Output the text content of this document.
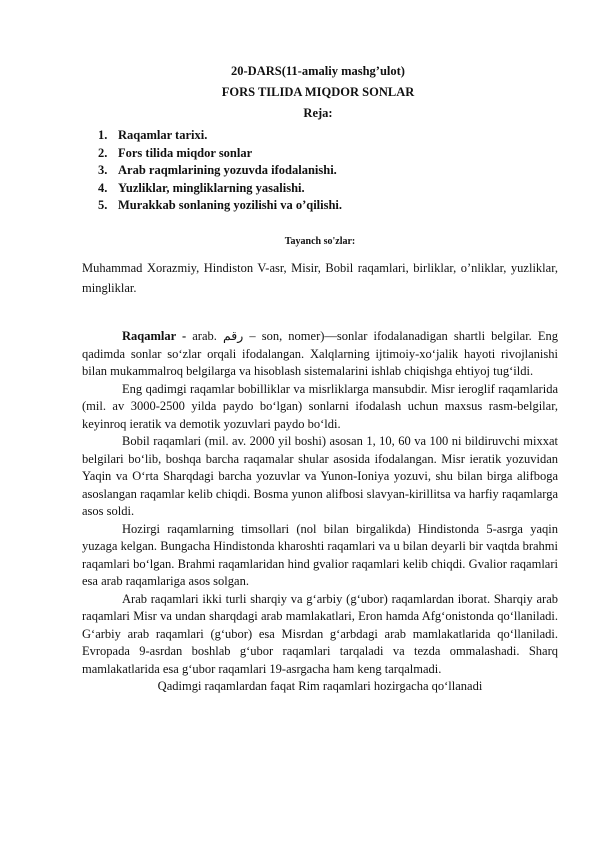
20-DARS(11-amaliy mashg’ulot)
FORS TILIDA MIQDOR SONLAR
Reja:
1. Raqamlar tarixi.
2. Fors tilida miqdor sonlar
3. Arab raqmlarining yozuvda ifodalanishi.
4. Yuzliklar, mingliklarning yasalishi.
5. Murakkab sonlaning yozilishi va o’qilishi.
Tayanch so'zlar:

Muhammad Xorazmiy, Hindiston V-asr, Misir, Bobil raqamlari, birliklar, o’nliklar, yuzliklar, mingliklar.

Raqamlar - arab. رقم – son, nomer)—sonlar ifodalanadigan shartli belgilar. Eng qadimda sonlar so‘zlar orqali ifodalangan. Xalqlarning ijtimoiy-xo‘jalik hayoti rivojlanishi bilan mukammalroq belgilarga va hisoblash sistemalarini ishlab chiqishga ehtiyoj tug‘ildi.

Eng qadimgi raqamlar bobilliklar va misrliklarga mansubdir. Misr ieroglif raqamlarida (mil. av 3000-2500 yilda paydo bo‘lgan) sonlarni ifodalash uchun maxsus rasm-belgilar, keyinroq ieratik va demotik yozuvlari paydo bo‘ldi.

Bobil raqamlari (mil. av. 2000 yil boshi) asosan 1, 10, 60 va 100 ni bildiruvchi mixxat belgilari bo‘lib, boshqa barcha raqamalar shular asosida ifodalangan. Misr ieratik yozuvidan Yaqin va O‘rta Sharqdagi barcha yozuvlar va Yunon-Ioniya yozuvi, shu bilan birga alifboga asoslangan raqamlar kelib chiqdi. Bosma yunon alifbosi slavyan-kirillitsa va harfiy raqamlarga asos soldi.

Hozirgi raqamlarning timsollari (nol bilan birgalikda) Hindistonda 5-asrga yaqin yuzaga kelgan. Bungacha Hindistonda kharoshti raqamlari va u bilan deyarli bir vaqtda brahmi raqamlari bo‘lgan. Brahmi raqamlaridan hind gvalior raqamlari kelib chiqdi. Gvalior raqamlari esa arab raqamlariga asos solgan.

Arab raqamlari ikki turli sharqiy va g‘arbiy (g‘ubor) raqamlardan iborat. Sharqiy arab raqamlari Misr va undan sharqdagi arab mamlakatlari, Eron hamda Afg‘onistonda qo‘llaniladi. G‘arbiy arab raqamlari (g‘ubor) esa Misrdan g‘arbdagi arab mamlakatlarida qo‘llaniladi. Evropada 9-asrdan boshlab g‘ubor raqamlari tarqaladi va tezda ommalashadi. Sharq mamlakatlarida esa g‘ubor raqamlari 19-asrgacha ham keng tarqalmadi.

Qadimgi raqamlardan faqat Rim raqamlari hozirgacha qo‘llanadi
